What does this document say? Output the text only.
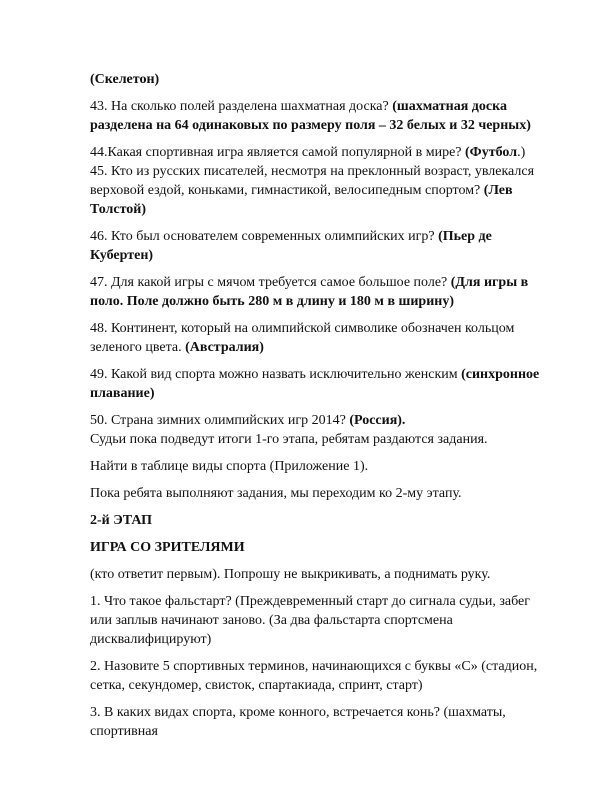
(Скелетон)

43. На сколько полей разделена шахматная доска? (шахматная доска разделена на 64 одинаковых по размеру поля – 32 белых и 32 черных)

44.Какая спортивная игра является самой популярной в мире? (Футбол.)

45. Кто из русских писателей, несмотря на преклонный возраст, увлекался верховой ездой, коньками, гимнастикой, велосипедным спортом? (Лев Толстой)

46. Кто был основателем современных олимпийских игр? (Пьер де Кубертен)

47. Для какой игры с мячом требуется самое большое поле? (Для игры в поло. Поле должно быть 280 м в длину и 180 м в ширину)

48. Континент, который на олимпийской символике обозначен кольцом зеленого цвета. (Австралия)

49. Какой вид спорта можно назвать исключительно женским (синхронное плавание)

50. Страна зимних олимпийских игр 2014? (Россия).

Судьи пока подведут итоги 1-го этапа, ребятам раздаются задания.

Найти в таблице виды спорта (Приложение 1).

Пока ребята выполняют задания, мы переходим ко 2-му этапу.

2-й ЭТАП

ИГРА СО ЗРИТЕЛЯМИ

(кто ответит первым). Попрошу не выкрикивать, а поднимать руку.

1. Что такое фальстарт? (Преждевременный старт до сигнала судьи, забег или заплыв начинают заново. (За два фальстарта спортсмена дисквалифицируют)

2. Назовите 5 спортивных терминов, начинающихся с буквы «С» (стадион, сетка, секундомер, свисток, спартакиада, спринт, старт)

3. В каких видах спорта, кроме конного, встречается конь? (шахматы, спортивная
